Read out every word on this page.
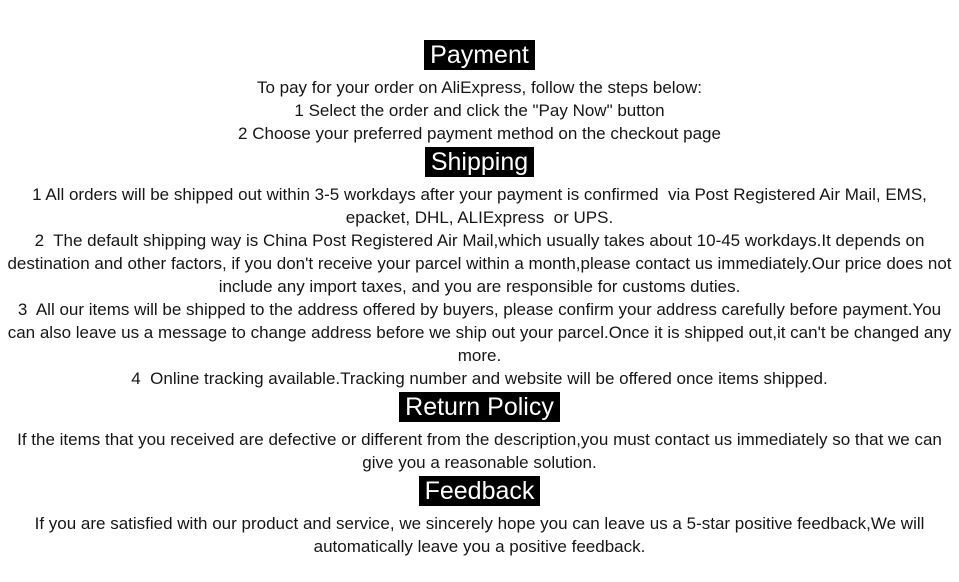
Payment

To pay for your order on AliExpress, follow the steps below:

1 Select the order and click the "Pay Now" button

2 Choose your preferred payment method on the checkout page

Shipping

1 All orders will be shipped out within 3-5 workdays after your payment is confirmed  via Post Registered Air Mail, EMS, epacket, DHL, ALIExpress  or UPS.

2  The default shipping way is China Post Registered Air Mail,which usually takes about 10-45 workdays.It depends on destination and other factors, if you don't receive your parcel within a month,please contact us immediately.Our price does not include any import taxes, and you are responsible for customs duties.

3  All our items will be shipped to the address offered by buyers, please confirm your address carefully before payment.You can also leave us a message to change address before we ship out your parcel.Once it is shipped out,it can't be changed any more.

4  Online tracking available.Tracking number and website will be offered once items shipped.

Return Policy

If the items that you received are defective or different from the description,you must contact us immediately so that we can give you a reasonable solution.

Feedback

If you are satisfied with our product and service, we sincerely hope you can leave us a 5-star positive feedback,We will automatically leave you a positive feedback.
